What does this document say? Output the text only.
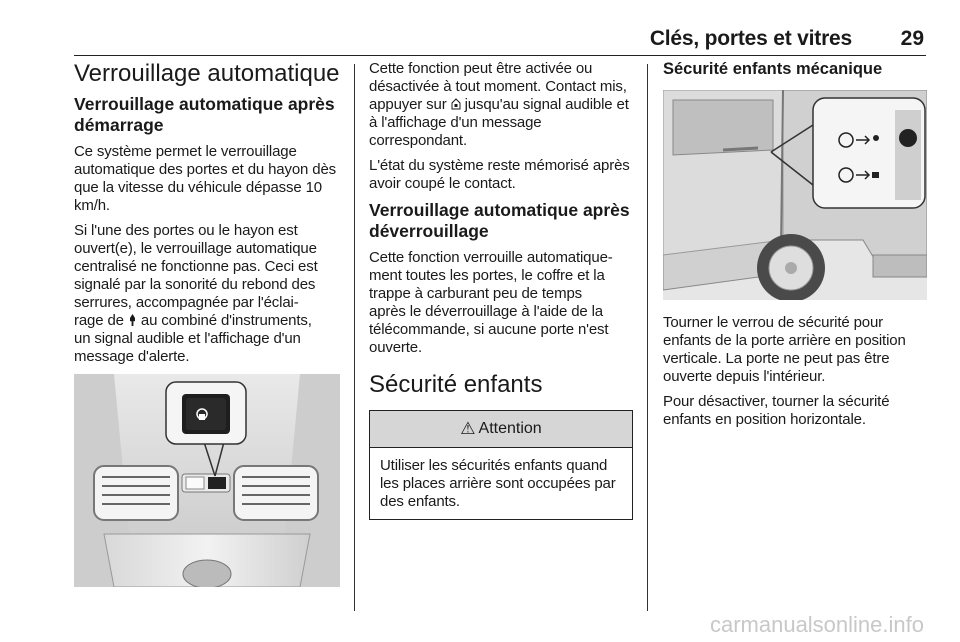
Clés, portes et vitres 29
Verrouillage automatique
Verrouillage automatique après démarrage

Ce système permet le verrouillage automatique des portes et du hayon dès que la vitesse du véhicule dépasse 10 km/h.

Si l'une des portes ou le hayon est
ouvert(e), le verrouillage automatique
centralisé ne fonctionne pas. Ceci est
signalé par la sonorité du rebond des
serrures, accompagnée par l'éclai-
rage de au combiné d'instruments,
un signal audible et l'affichage d'un message d'alerte.

Cette fonction peut être activée ou désactivée à tout moment. Contact mis, appuyer sur jusqu'au signal audible et à l'affichage d'un message correspondant.

L'état du système reste mémorisé après avoir coupé le contact.

Verrouillage automatique après déverrouillage

Cette fonction verrouille automatique-
ment toutes les portes, le coffre et la
trappe à carburant peu de temps
après le déverrouillage à l'aide de la
télécommande, si aucune porte n'est
ouverte.

Sécurité enfants
⚠ Attention

Utiliser les sécurités enfants quand les places arrière sont occupées par des enfants.

Sécurité enfants mécanique

Tourner le verrou de sécurité pour enfants de la porte arrière en position verticale. La porte ne peut pas être ouverte depuis l'intérieur.

Pour désactiver, tourner la sécurité enfants en position horizontale.

carmanualsonline.info
